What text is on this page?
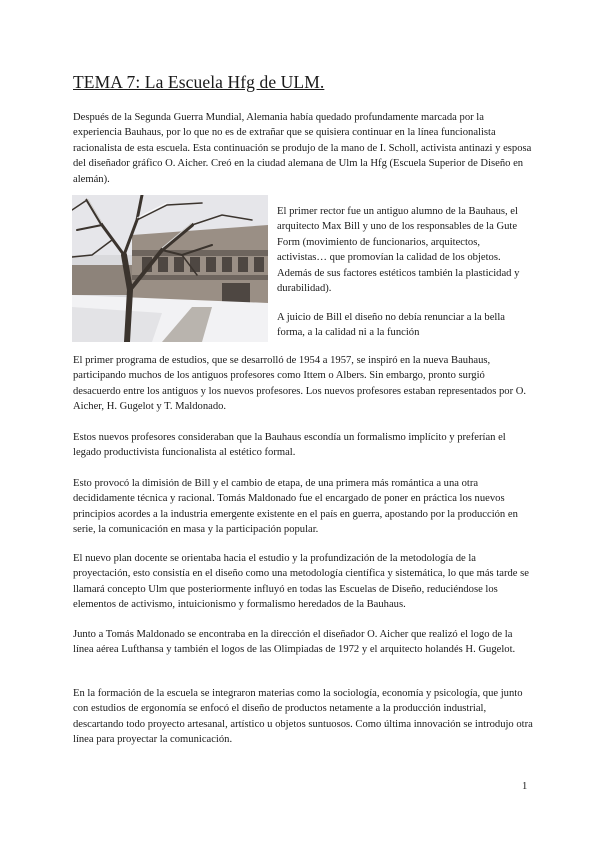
TEMA 7: La Escuela Hfg de ULM.

Después de la Segunda Guerra Mundial, Alemania había quedado profundamente marcada por la experiencia Bauhaus, por lo que no es de extrañar que se quisiera continuar en la línea funcionalista racionalista de esta escuela. Esta continuación se produjo de la mano de I. Scholl, activista antinazi y esposa del diseñador gráfico O. Aicher. Creó en la ciudad alemana de Ulm la Hfg (Escuela Superior de Diseño en alemán).

El primer rector fue un antiguo alumno de la Bauhaus, el arquitecto Max Bill y uno de los responsables de la Gute Form (movimiento de funcionarios, arquitectos, activistas… que promovían la calidad de los objetos. Además de sus factores estéticos también la plasticidad y durabilidad).

A juicio de Bill el diseño no debía renunciar a la bella forma, a la calidad ni a la función

El primer programa de estudios, que se desarrolló de 1954 a 1957, se inspiró en la nueva Bauhaus, participando muchos de los antiguos profesores como Ittem o Albers. Sin embargo, pronto surgió desacuerdo entre los antiguos y los nuevos profesores. Los nuevos profesores estaban representados por O. Aicher, H. Gugelot y T. Maldonado.

Estos nuevos profesores consideraban que la Bauhaus escondía un formalismo implícito y preferían el legado productivista funcionalista al estético formal.

Esto provocó la dimisión de Bill y el cambio de etapa, de una primera más romántica a una otra decididamente técnica y racional. Tomás Maldonado fue el encargado de poner en práctica los nuevos principios acordes a la industria emergente existente en el país en guerra, apostando por la producción en serie, la comunicación en masa y la participación popular.

El nuevo plan docente se orientaba hacia el estudio y la profundización de la metodología de la proyectación, esto consistía en el diseño como una metodología científica y sistemática, lo que más tarde se llamará concepto Ulm que posteriormente influyó en todas las Escuelas de Diseño, reduciéndose los elementos de activismo, intuicionismo y formalismo heredados de la Bauhaus.

Junto a Tomás Maldonado se encontraba en la dirección el diseñador O. Aicher que realizó el logo de la línea aérea Lufthansa y también el logos de las Olimpiadas de 1972 y el arquitecto holandés H. Gugelot.

En la formación de la escuela se integraron materias como la sociología, economía y psicología, que junto con estudios de ergonomía se enfocó el diseño de productos netamente a la producción industrial, descartando todo proyecto artesanal, artístico u objetos suntuosos. Como última innovación se introdujo otra línea para proyectar la comunicación.

1
